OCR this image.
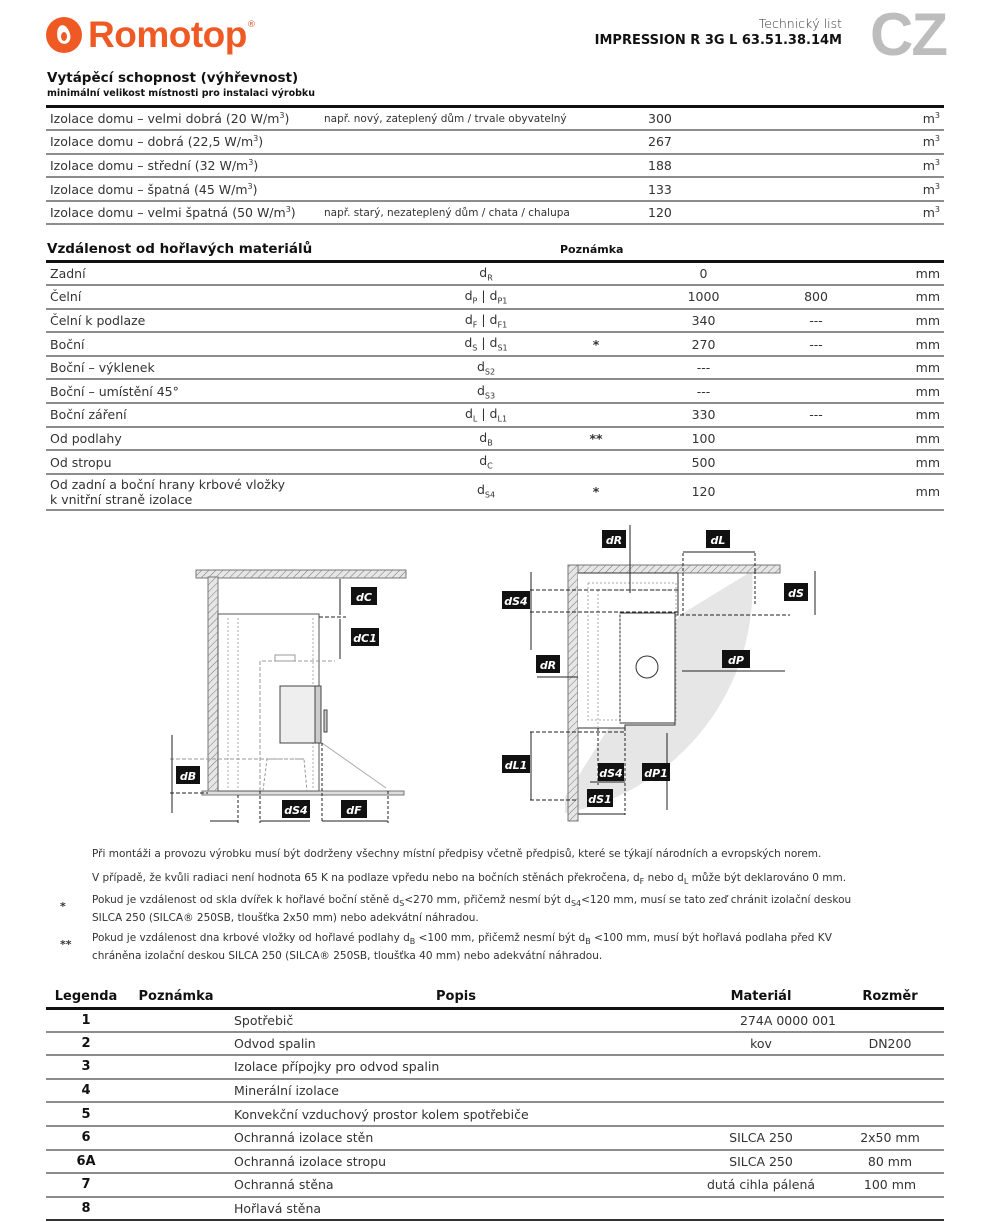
Romotop ®	Technický list
IMPRESSION R 3G L 63.51.38.14M CZ
Vytápěcí schopnost (výhřevnost)
minimální velikost místnosti pro instalaci výrobku
Izolace domu – velmi dobrá (20 $W/m^3$)	např. nový, zateplený dům / trvale obyvatelný	300	$m^3$
Izolace domu – dobrá (22,5 $W/m^3$)		267	$m^3$
Izolace domu – střední (32 $W/m^3$)		188	$m^3$
Izolace domu – špatná (45 $W/m^3$)		133	$m^3$
Izolace domu – velmi špatná (50 $W/m^3$)	např. starý, nezateplený dům / chata / chalupa	120	$m^3$
Vzdálenost od hořlavých materiálů	Poznámka
Zadní	$d_R$		0		mm
Čelní	$d_P$ | $d_{P1}$		1000	800	mm
Čelní k podlaze	$d_F$ | $d_{F1}$		340	---	mm
Boční	$d_S$ | $d_{S1}$	*	270	---	mm
Boční – výklenek	$d_{S2}$		---		mm
Boční – umístění 45°	$d_{S3}$		---		mm
Boční záření	$d_L$ | $d_{L1}$		330	---	mm
Od podlahy	$d_B$	**	100		mm
Od stropu	$d_C$		500		mm

Od zadní a boční hrany krbové vložky
k vnitřní straně izolace	$d_{S4}$	*	120		mm
dC
dC1
dB
dS4	dF
dR	dL
dS
dS4
dR	dP
dL1
dS4 dP1
dS1
Při montáži a provozu výrobku musí být dodrženy všechny místní předpisy včetně předpisů, které se týkají národních a evropských norem.
V případě, že kvůli radiaci není hodnota 65 K na podlaze vpředu nebo na bočních stěnách překročena, $d_F$ nebo $d_L$ může být deklarováno 0 mm.
* Pokud je vzdálenost od skla dvířek k hořlavé boční stěně $d_S<270$ mm, přičemž nesmí být $d_{S4}<120$ mm, musí se tato zeď chránit izolační deskou
SILCA 250 (SILCA® 250SB, tloušťka 2x50 mm) nebo adekvátní náhradou.
** Pokud je vzdálenost dna krbové vložky od hořlavé podlahy $d_B <100$ mm, přičemž nesmí být $d_B <100$ mm, musí být hořlavá podlaha před KV
chráněna izolační deskou SILCA 250 (SILCA® 250SB, tloušťka 40 mm) nebo adekvátní náhradou.
Legenda	Poznámka	Popis	Materiál	Rozměr
1		Spotřebič	274A 0000 001	
2		Odvod spalin	kov	DN200
3		Izolace přípojky pro odvod spalin		
4		Minerální izolace		
5		Konvekční vzduchový prostor kolem spotřebiče		
6		Ochranná izolace stěn	SILCA 250	2x50 mm
6A		Ochranná izolace stropu	SILCA 250	80 mm
7		Ochranná stěna	dutá cihla pálená	100 mm
8		Hořlavá stěna		
